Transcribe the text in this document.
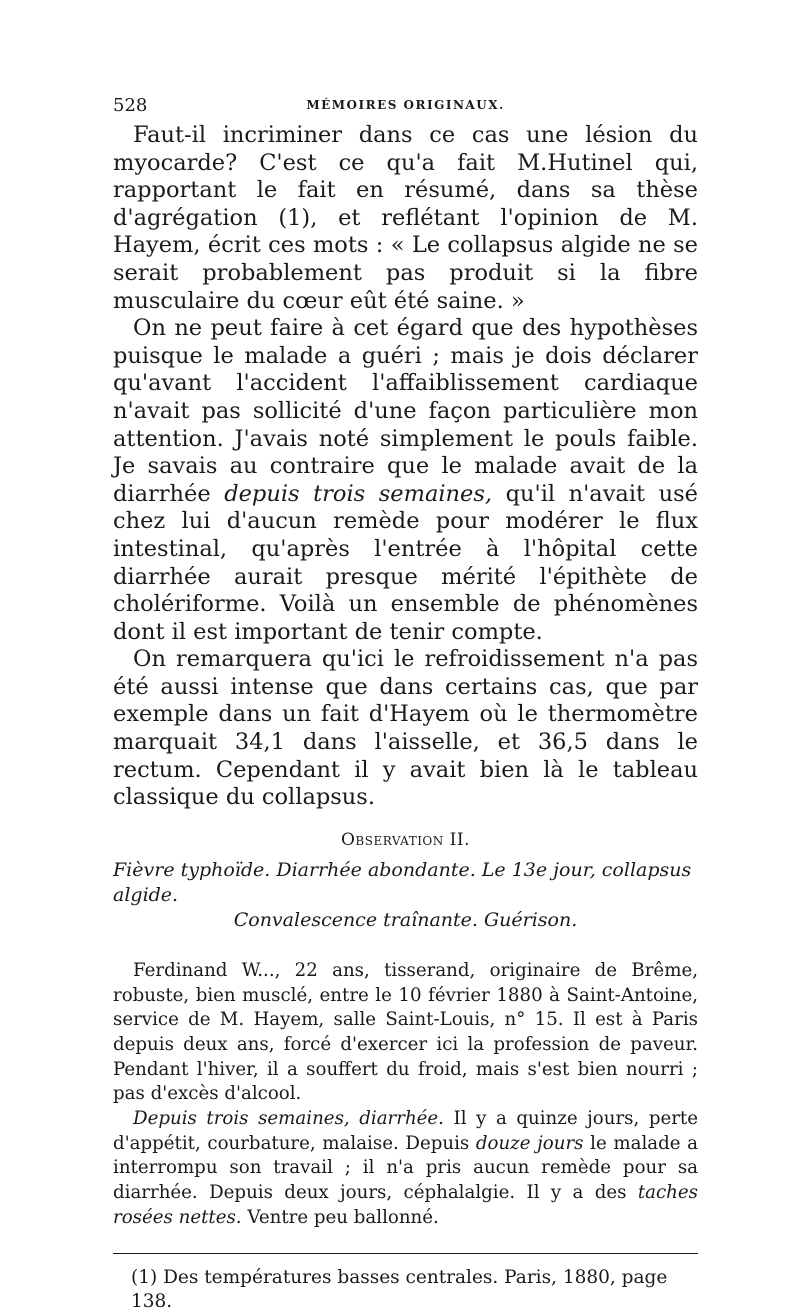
528	MÉMOIRES ORIGINAUX.

Faut-il incriminer dans ce cas une lésion du myocarde? C'est ce qu'a fait M.Hutinel qui, rapportant le fait en résumé, dans sa thèse d'agrégation (1), et reflétant l'opinion de M. Hayem, écrit ces mots : « Le collapsus algide ne se serait probablement pas produit si la fibre musculaire du cœur eût été saine. »

On ne peut faire à cet égard que des hypothèses puisque le malade a guéri ; mais je dois déclarer qu'avant l'accident l'affaiblissement cardiaque n'avait pas sollicité d'une façon particulière mon attention. J'avais noté simplement le pouls faible. Je savais au contraire que le malade avait de la diarrhée depuis trois semaines, qu'il n'avait usé chez lui d'aucun remède pour modérer le flux intestinal, qu'après l'entrée à l'hôpital cette diarrhée aurait presque mérité l'épithète de cholériforme. Voilà un ensemble de phénomènes dont il est important de tenir compte.

On remarquera qu'ici le refroidissement n'a pas été aussi intense que dans certains cas, que par exemple dans un fait d'Hayem où le thermomètre marquait 34,1 dans l'aisselle, et 36,5 dans le rectum. Cependant il y avait bien là le tableau classique du collapsus.

Observation II.
Fièvre typhoïde. Diarrhée abondante. Le 13e jour, collapsus algide.
Convalescence traînante. Guérison.

Ferdinand W..., 22 ans, tisserand, originaire de Brême, robuste, bien musclé, entre le 10 février 1880 à Saint-Antoine, service de M. Hayem, salle Saint-Louis, n° 15. Il est à Paris depuis deux ans, forcé d'exercer ici la profession de paveur. Pendant l'hiver, il a souffert du froid, mais s'est bien nourri ; pas d'excès d'alcool.

Depuis trois semaines, diarrhée. Il y a quinze jours, perte d'appétit, courbature, malaise. Depuis douze jours le malade a interrompu son travail ; il n'a pris aucun remède pour sa diarrhée. Depuis deux jours, céphalalgie. Il y a des taches rosées nettes. Ventre peu ballonné.

(1) Des températures basses centrales. Paris, 1880, page 138.
